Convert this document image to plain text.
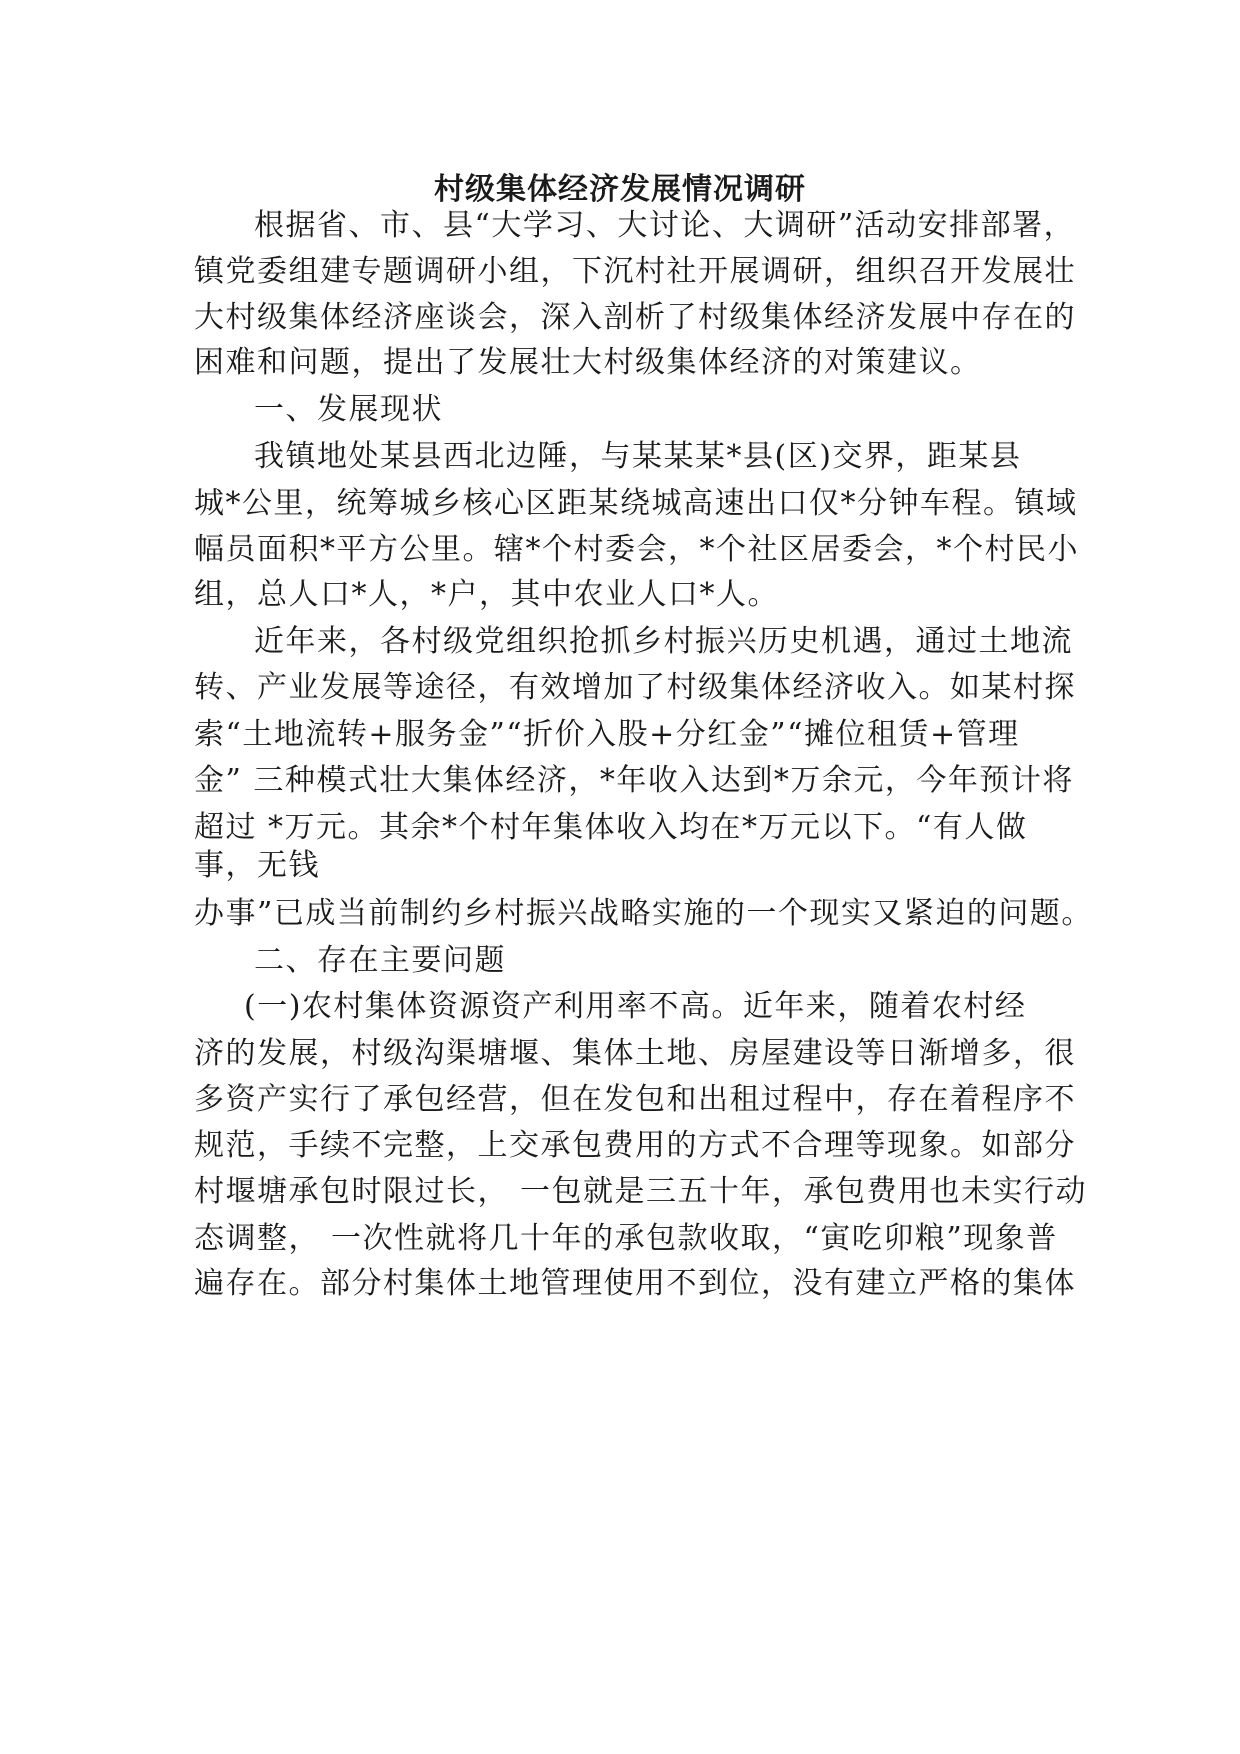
村级集体经济发展情况调研
根据省、市、县“大学习、大讨论、大调研”活动安排部署，
镇党委组建专题调研小组，下沉村社开展调研，组织召开发展壮
大村级集体经济座谈会，深入剖析了村级集体经济发展中存在的
困难和问题，提出了发展壮大村级集体经济的对策建议。
一、发展现状
我镇地处某县西北边陲，与某某某*县(区)交界，距某县
城*公里，统筹城乡核心区距某绕城高速出口仅*分钟车程。镇域
幅员面积*平方公里。辖*个村委会，*个社区居委会，*个村民小
组，总人口*人，*户，其中农业人口*人。
近年来，各村级党组织抢抓乡村振兴历史机遇，通过土地流
转、产业发展等途径，有效增加了村级集体经济收入。如某村探
索“土地流转+服务金”“折价入股+分红金”“摊位租赁+管理
金” 三种模式壮大集体经济，*年收入达到*万余元，今年预计将
超过 *万元。其余*个村年集体收入均在*万元以下。“有人做
事，无钱
办事”已成当前制约乡村振兴战略实施的一个现实又紧迫的问题。
二、存在主要问题
(一)农村集体资源资产利用率不高。近年来，随着农村经
济的发展，村级沟渠塘堰、集体土地、房屋建设等日渐增多，很
多资产实行了承包经营，但在发包和出租过程中，存在着程序不
规范，手续不完整，上交承包费用的方式不合理等现象。如部分
村堰塘承包时限过长， 一包就是三五十年，承包费用也未实行动
态调整， 一次性就将几十年的承包款收取，“寅吃卯粮”现象普
遍存在。部分村集体土地管理使用不到位，没有建立严格的集体
